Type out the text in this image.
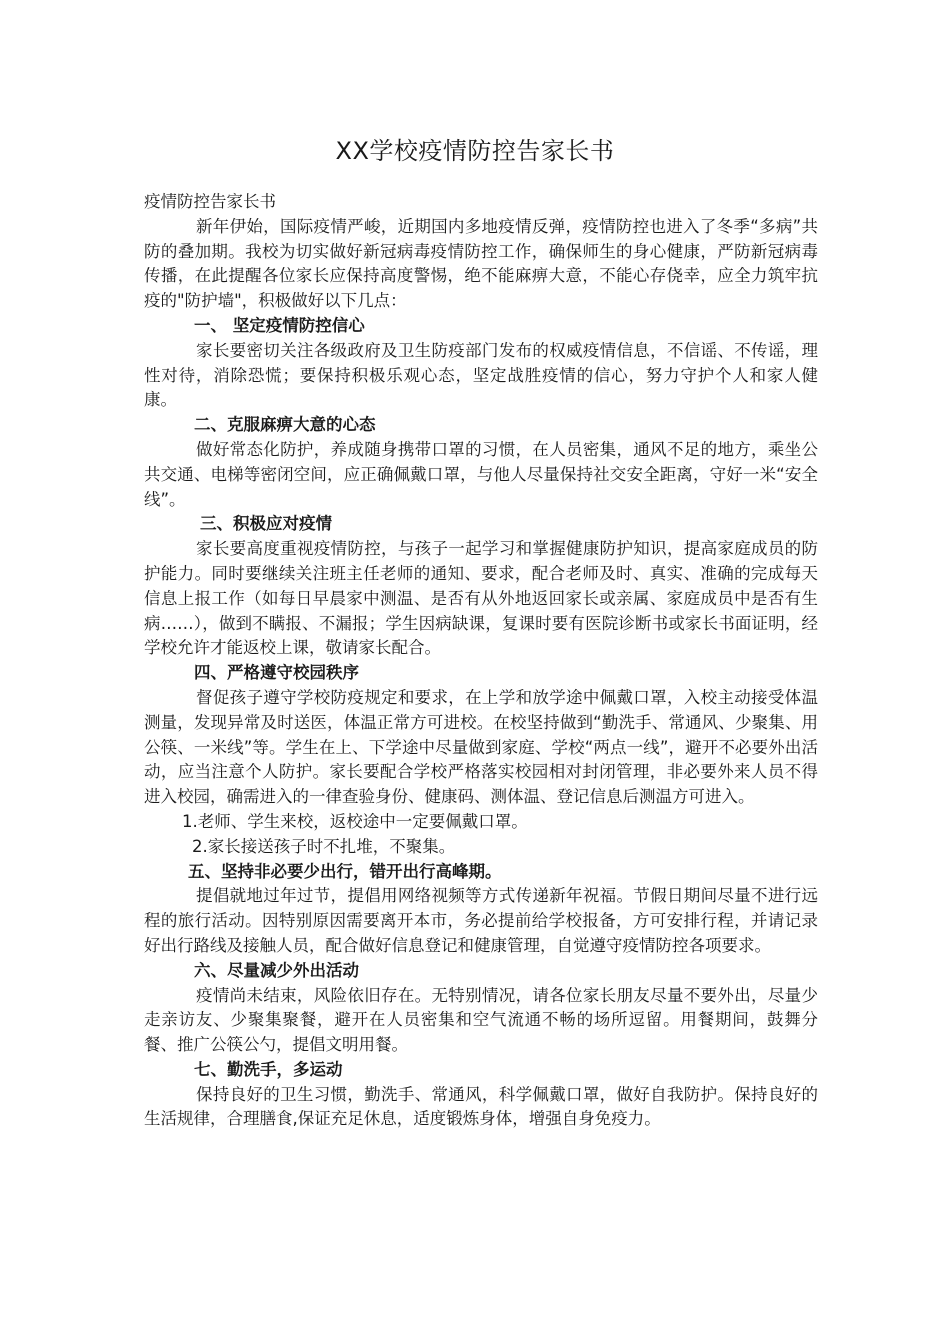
XX学校疫情防控告家长书

疫情防控告家长书

新年伊始，国际疫情严峻，近期国内多地疫情反弹，疫情防控也进入了冬季“多病”共防的叠加期。我校为切实做好新冠病毒疫情防控工作，确保师生的身心健康，严防新冠病毒传播，在此提醒各位家长应保持高度警惕，绝不能麻痹大意，不能心存侥幸，应全力筑牢抗疫的"防护墙"，积极做好以下几点：

一、 坚定疫情防控信心

家长要密切关注各级政府及卫生防疫部门发布的权威疫情信息，不信谣、不传谣，理性对待，消除恐慌；要保持积极乐观心态，坚定战胜疫情的信心，努力守护个人和家人健康。

二、克服麻痹大意的心态

做好常态化防护，养成随身携带口罩的习惯，在人员密集，通风不足的地方，乘坐公共交通、电梯等密闭空间，应正确佩戴口罩，与他人尽量保持社交安全距离，守好一米“安全线”。

三、积极应对疫情

家长要高度重视疫情防控，与孩子一起学习和掌握健康防护知识，提高家庭成员的防护能力。同时要继续关注班主任老师的通知、要求，配合老师及时、真实、准确的完成每天信息上报工作（如每日早晨家中测温、是否有从外地返回家长或亲属、家庭成员中是否有生病……），做到不瞒报、不漏报；学生因病缺课，复课时要有医院诊断书或家长书面证明，经学校允许才能返校上课，敬请家长配合。

四、严格遵守校园秩序

督促孩子遵守学校防疫规定和要求，在上学和放学途中佩戴口罩，入校主动接受体温测量，发现异常及时送医，体温正常方可进校。在校坚持做到“勤洗手、常通风、少聚集、用公筷、一米线”等。学生在上、下学途中尽量做到家庭、学校“两点一线”，避开不必要外出活动，应当注意个人防护。家长要配合学校严格落实校园相对封闭管理，非必要外来人员不得进入校园，确需进入的一律查验身份、健康码、测体温、登记信息后测温方可进入。

1.老师、学生来校，返校途中一定要佩戴口罩。

2.家长接送孩子时不扎堆，不聚集。

五、坚持非必要少出行，错开出行高峰期。

提倡就地过年过节，提倡用网络视频等方式传递新年祝福。节假日期间尽量不进行远程的旅行活动。因特别原因需要离开本市，务必提前给学校报备，方可安排行程，并请记录好出行路线及接触人员，配合做好信息登记和健康管理，自觉遵守疫情防控各项要求。

六、尽量减少外出活动

疫情尚未结束，风险依旧存在。无特别情况，请各位家长朋友尽量不要外出，尽量少走亲访友、少聚集聚餐，避开在人员密集和空气流通不畅的场所逗留。用餐期间，鼓舞分餐、推广公筷公勺，提倡文明用餐。

七、勤洗手，多运动

保持良好的卫生习惯，勤洗手、常通风，科学佩戴口罩，做好自我防护。保持良好的生活规律，合理膳食,保证充足休息，适度锻炼身体，增强自身免疫力。
